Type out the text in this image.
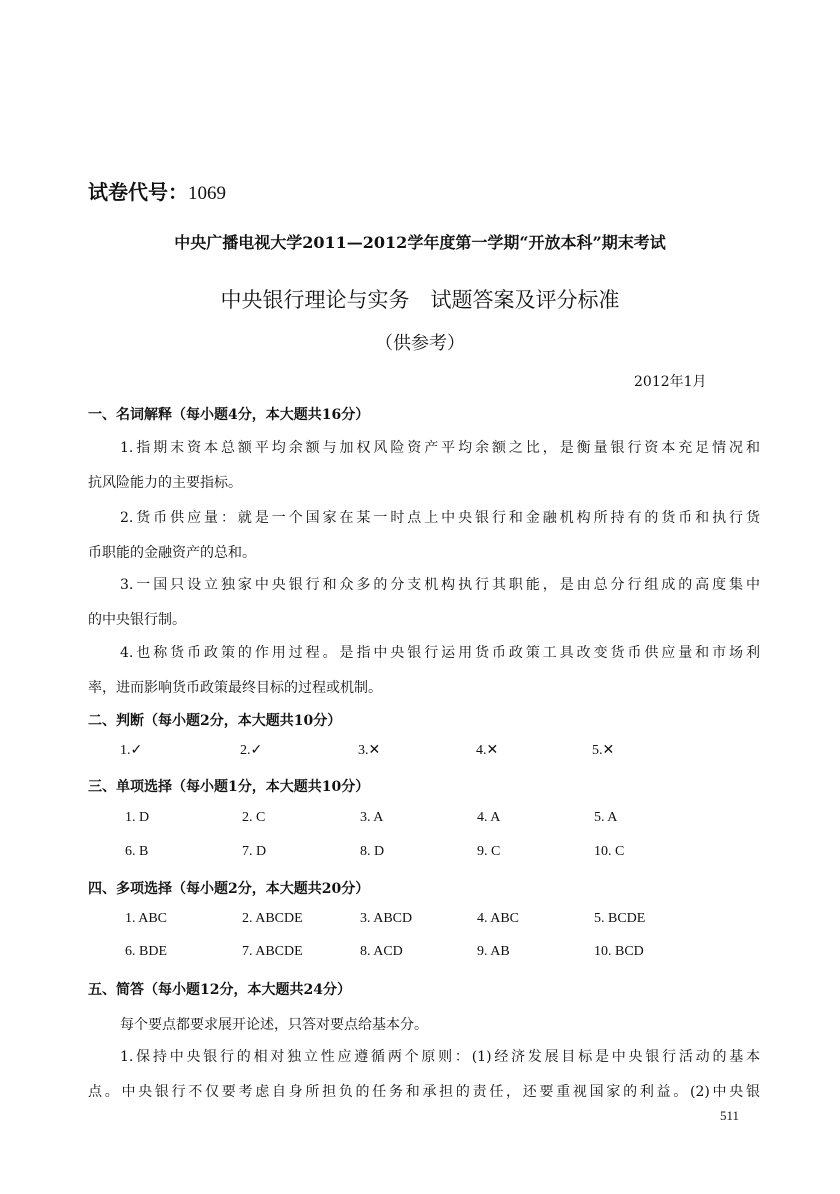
试卷代号：1069
中央广播电视大学2011—2012学年度第一学期“开放本科”期末考试
中央银行理论与实务　试题答案及评分标准
（供参考）
2012年1月
一、名词解释（每小题4分，本大题共16分）
1.指期末资本总额平均余额与加权风险资产平均余额之比，是衡量银行资本充足情况和
抗风险能力的主要指标。
2.货币供应量：就是一个国家在某一时点上中央银行和金融机构所持有的货币和执行货
币职能的金融资产的总和。
3.一国只设立独家中央银行和众多的分支机构执行其职能，是由总分行组成的高度集中
的中央银行制。
4.也称货币政策的作用过程。是指中央银行运用货币政策工具改变货币供应量和市场利
率，进而影响货币政策最终目标的过程或机制。
二、判断（每小题2分，本大题共10分）
1.✓	2.✓	3.✕	4.✕	5.✕
三、单项选择（每小题1分，本大题共10分）
1. D	2. C	3. A	4. A	5. A
6. B	7. D	8. D	9. C	10. C
四、多项选择（每小题2分，本大题共20分）
1. ABC	2. ABCDE	3. ABCD	4. ABC	5. BCDE
6. BDE	7. ABCDE	8. ACD	9. AB	10. BCD
五、简答（每小题12分，本大题共24分）
每个要点都要求展开论述，只答对要点给基本分。
1.保持中央银行的相对独立性应遵循两个原则：(1)经济发展目标是中央银行活动的基本
点。中央银行不仅要考虑自身所担负的任务和承担的责任，还要重视国家的利益。(2)中央银
511
